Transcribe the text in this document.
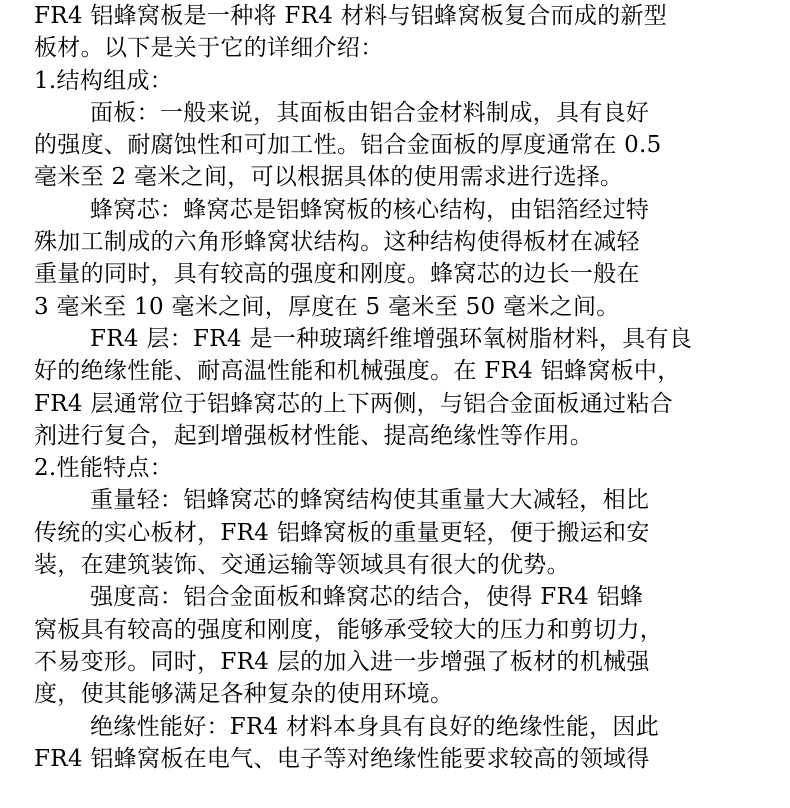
FR4 铝蜂窝板是一种将 FR4 材料与铝蜂窝板复合而成的新型
板材。以下是关于它的详细介绍：
1.结构组成：
面板：一般来说，其面板由铝合金材料制成，具有良好
的强度、耐腐蚀性和可加工性。铝合金面板的厚度通常在 0.5
毫米至 2 毫米之间，可以根据具体的使用需求进行选择。
蜂窝芯：蜂窝芯是铝蜂窝板的核心结构，由铝箔经过特
殊加工制成的六角形蜂窝状结构。这种结构使得板材在减轻
重量的同时，具有较高的强度和刚度。蜂窝芯的边长一般在
3 毫米至 10 毫米之间，厚度在 5 毫米至 50 毫米之间。
FR4 层：FR4 是一种玻璃纤维增强环氧树脂材料，具有良
好的绝缘性能、耐高温性能和机械强度。在 FR4 铝蜂窝板中，
FR4 层通常位于铝蜂窝芯的上下两侧，与铝合金面板通过粘合
剂进行复合，起到增强板材性能、提高绝缘性等作用。
2.性能特点：
重量轻：铝蜂窝芯的蜂窝结构使其重量大大减轻，相比
传统的实心板材，FR4 铝蜂窝板的重量更轻，便于搬运和安
装，在建筑装饰、交通运输等领域具有很大的优势。
强度高：铝合金面板和蜂窝芯的结合，使得 FR4 铝蜂
窝板具有较高的强度和刚度，能够承受较大的压力和剪切力，
不易变形。同时，FR4 层的加入进一步增强了板材的机械强
度，使其能够满足各种复杂的使用环境。
绝缘性能好：FR4 材料本身具有良好的绝缘性能，因此
FR4 铝蜂窝板在电气、电子等对绝缘性能要求较高的领域得
